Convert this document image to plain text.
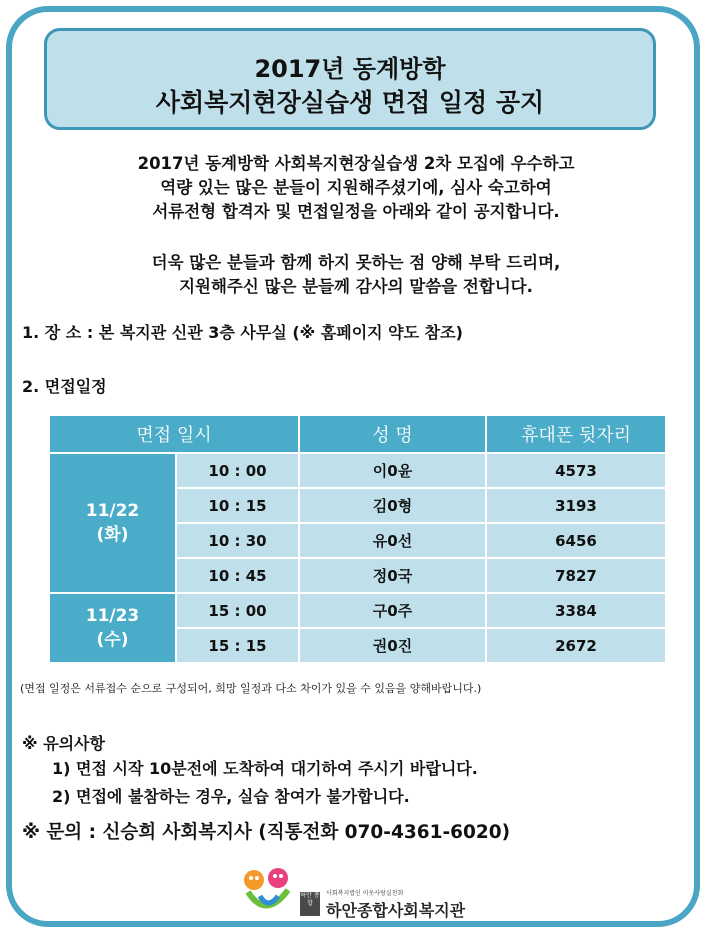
2017년 동계방학
사회복지현장실습생 면접 일정 공지
2017년 동계방학 사회복지현장실습생 2차 모집에 우수하고
역량 있는 많은 분들이 지원해주셨기에, 심사 숙고하여
서류전형 합격자 및 면접일정을 아래와 같이 공지합니다.
더욱 많은 분들과 함께 하지 못하는 점 양해 부탁 드리며,
지원해주신 많은 분들께 감사의 말씀을 전합니다.
1. 장 소 : 본 복지관 신관 3층 사무실 (※ 홈페이지 약도 참조)
2. 면접일정
면접 일시		성 명	휴대폰 뒷자리

11/22
(화)	10 : 00	이0윤	4573
	10 : 15	김0형	3193
	10 : 30	유0선	6456
	10 : 45	정0국	7827

11/23
(수)	15 : 00	구0주	3384
	15 : 15	권0진	2672
(면접 일정은 서류접수 순으로 구성되어, 희망 일정과 다소 차이가 있을 수 있음을 양해바랍니다.)
※ 유의사항
1) 면접 시작 10분전에 도착하여 대기하여 주시기 바랍니다.
2) 면접에 불참하는 경우, 실습 참여가 불가합니다.
※ 문의 : 신승희 사회복지사 (직통전화 070-4361-6020)
하안 종합
사회복지법인 이웃사랑실천회
하안종합사회복지관
